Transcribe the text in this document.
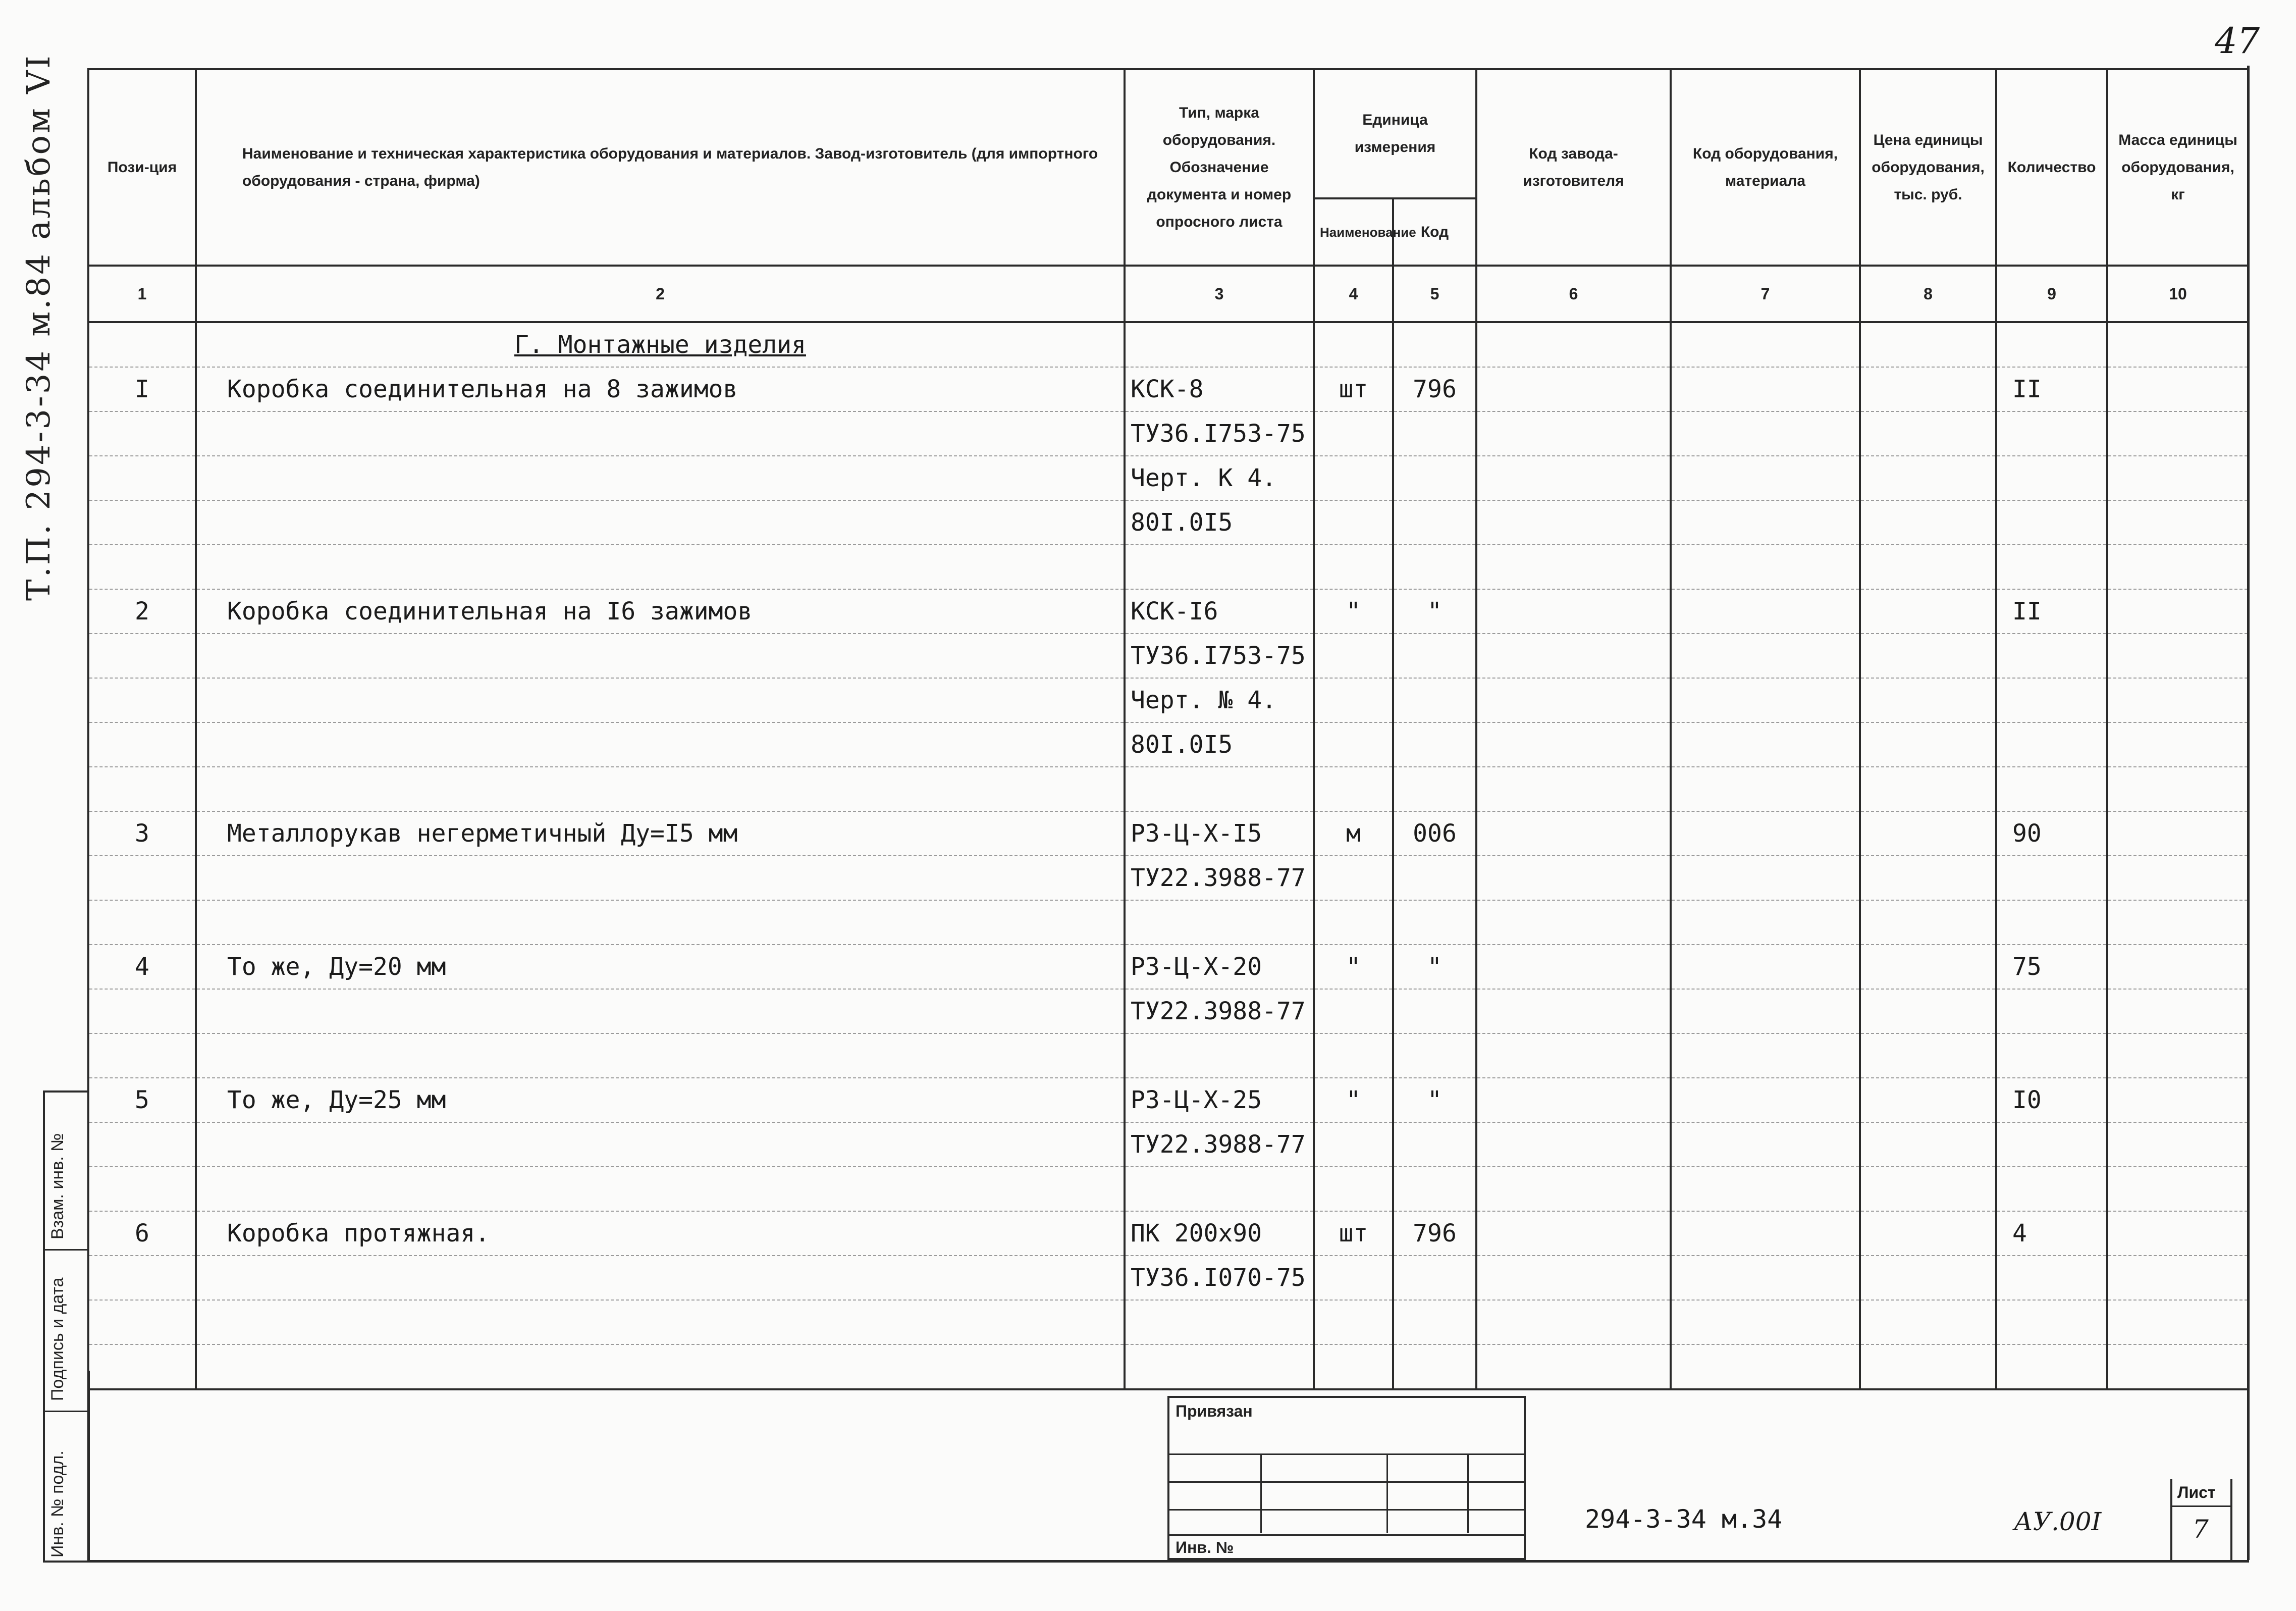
47
Т.П. 294-3-34 м.84 альбом VI
Инв. № подл.
Подпись и дата
Взам. инв. №
Пози-ция	Наименование и техническая характеристика оборудования и материалов. Завод-изготовитель (для импортного оборудования - страна, фирма)	Тип, марка оборудования. Обозначение документа и номер опросного листа	Единица измерения		Код завода-изготовителя	Код оборудования, материала	Цена единицы оборудования, тыс. руб.	Количество	Масса единицы оборудования, кг
			Наименование	Код					
1	2	3	4	5	6	7	8	9	10
	Г. Монтажные изделия								
I	Коробка соединительная на 8 зажимов	КСК-8	шт	796				II	
		ТУ36.I753-75							
		Черт. К 4.							
		80I.0I5							

2	Коробка соединительная на I6 зажимов	КСК-I6	"	"				II	
		ТУ36.I753-75							
		Черт. № 4.							
		80I.0I5							

3	Металлорукав негерметичный Ду=I5 мм	Р3-Ц-Х-I5	м	006				90	
		ТУ22.3988-77							

4	То же, Ду=20 мм	Р3-Ц-Х-20	"	"				75	
		ТУ22.3988-77							

5	То же, Ду=25 мм	Р3-Ц-Х-25	"	"				I0	
		ТУ22.3988-77							

6	Коробка протяжная.	ПК 200х90	шт	796				4	
		ТУ36.I070-75							

Привязан
Инв. №
294-3-34 м.34	АУ.00I
Лист
7
